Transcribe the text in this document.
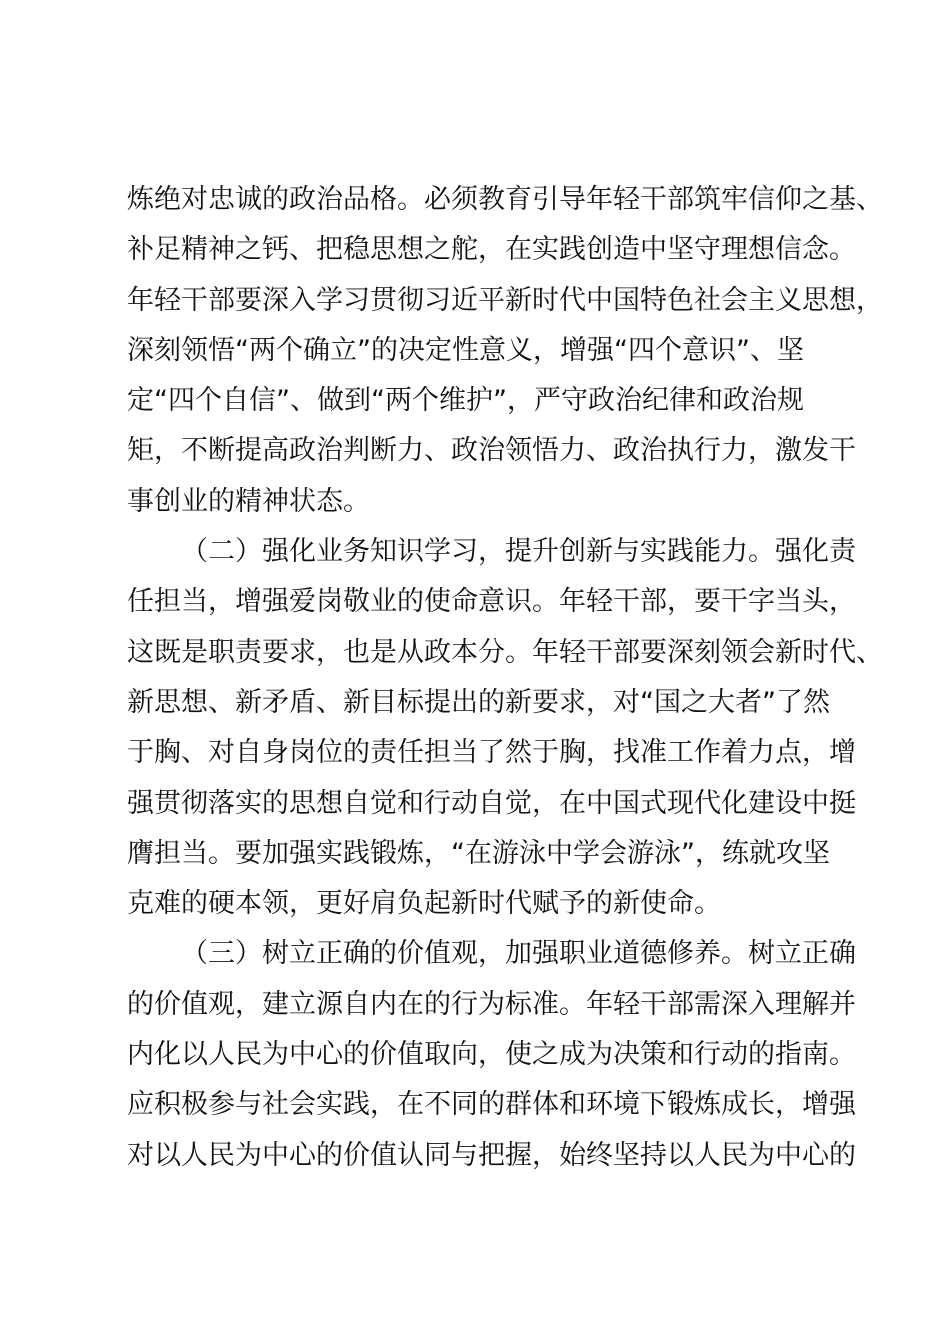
炼绝对忠诚的政治品格。必须教育引导年轻干部筑牢信仰之基、
补足精神之钙、把稳思想之舵，在实践创造中坚守理想信念。
年轻干部要深入学习贯彻习近平新时代中国特色社会主义思想，
深刻领悟“两个确立”的决定性意义，增强“四个意识”、坚
定“四个自信”、做到“两个维护”，严守政治纪律和政治规
矩，不断提高政治判断力、政治领悟力、政治执行力，激发干
事创业的精神状态。
（二）强化业务知识学习，提升创新与实践能力。强化责
任担当，增强爱岗敬业的使命意识。年轻干部，要干字当头，
这既是职责要求，也是从政本分。年轻干部要深刻领会新时代、
新思想、新矛盾、新目标提出的新要求，对“国之大者”了然
于胸、对自身岗位的责任担当了然于胸，找准工作着力点，增
强贯彻落实的思想自觉和行动自觉，在中国式现代化建设中挺
膺担当。要加强实践锻炼，“在游泳中学会游泳”，练就攻坚
克难的硬本领，更好肩负起新时代赋予的新使命。
（三）树立正确的价值观，加强职业道德修养。树立正确
的价值观，建立源自内在的行为标准。年轻干部需深入理解并
内化以人民为中心的价值取向，使之成为决策和行动的指南。
应积极参与社会实践，在不同的群体和环境下锻炼成长，增强
对以人民为中心的价值认同与把握，始终坚持以人民为中心的
